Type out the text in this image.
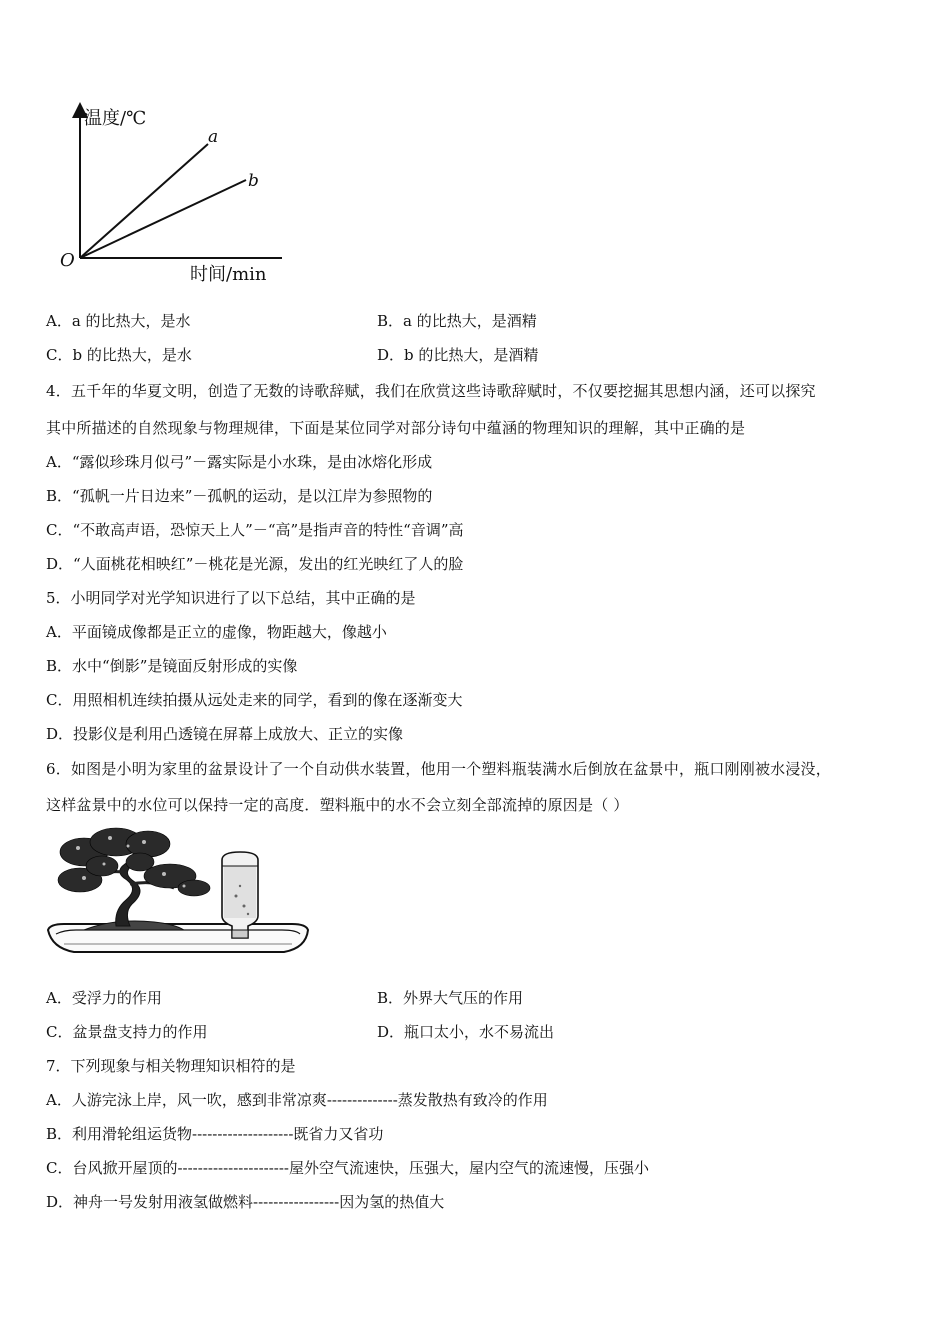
温度/℃
时间/min
O
a
b
A．a 的比热大，是水	B．a 的比热大，是酒精
C．b 的比热大，是水	D．b 的比热大，是酒精
4．五千年的华夏文明，创造了无数的诗歌辞赋，我们在欣赏这些诗歌辞赋时，不仅要挖掘其思想内涵，还可以探究
其中所描述的自然现象与物理规律，下面是某位同学对部分诗句中蕴涵的物理知识的理解，其中正确的是
A．“露似珍珠月似弓”－露实际是小水珠，是由冰熔化形成
B．“孤帆一片日边来”－孤帆的运动，是以江岸为参照物的
C．“不敢高声语，恐惊天上人”－“高”是指声音的特性“音调”高
D．“人面桃花相映红”－桃花是光源，发出的红光映红了人的脸
5．小明同学对光学知识进行了以下总结，其中正确的是
A．平面镜成像都是正立的虚像，物距越大，像越小
B．水中“倒影”是镜面反射形成的实像
C．用照相机连续拍摄从远处走来的同学，看到的像在逐渐变大
D．投影仪是利用凸透镜在屏幕上成放大、正立的实像
6．如图是小明为家里的盆景设计了一个自动供水装置，他用一个塑料瓶装满水后倒放在盆景中，瓶口刚刚被水浸没，
这样盆景中的水位可以保持一定的高度．塑料瓶中的水不会立刻全部流掉的原因是（ ）
A．受浮力的作用	B．外界大气压的作用
C．盆景盘支持力的作用	D．瓶口太小，水不易流出
7．下列现象与相关物理知识相符的是
A．人游完泳上岸，风一吹，感到非常凉爽--------------蒸发散热有致冷的作用
B．利用滑轮组运货物--------------------既省力又省功
C．台风掀开屋顶的----------------------屋外空气流速快，压强大，屋内空气的流速慢，压强小
D．神舟一号发射用液氢做燃料-----------------因为氢的热值大
